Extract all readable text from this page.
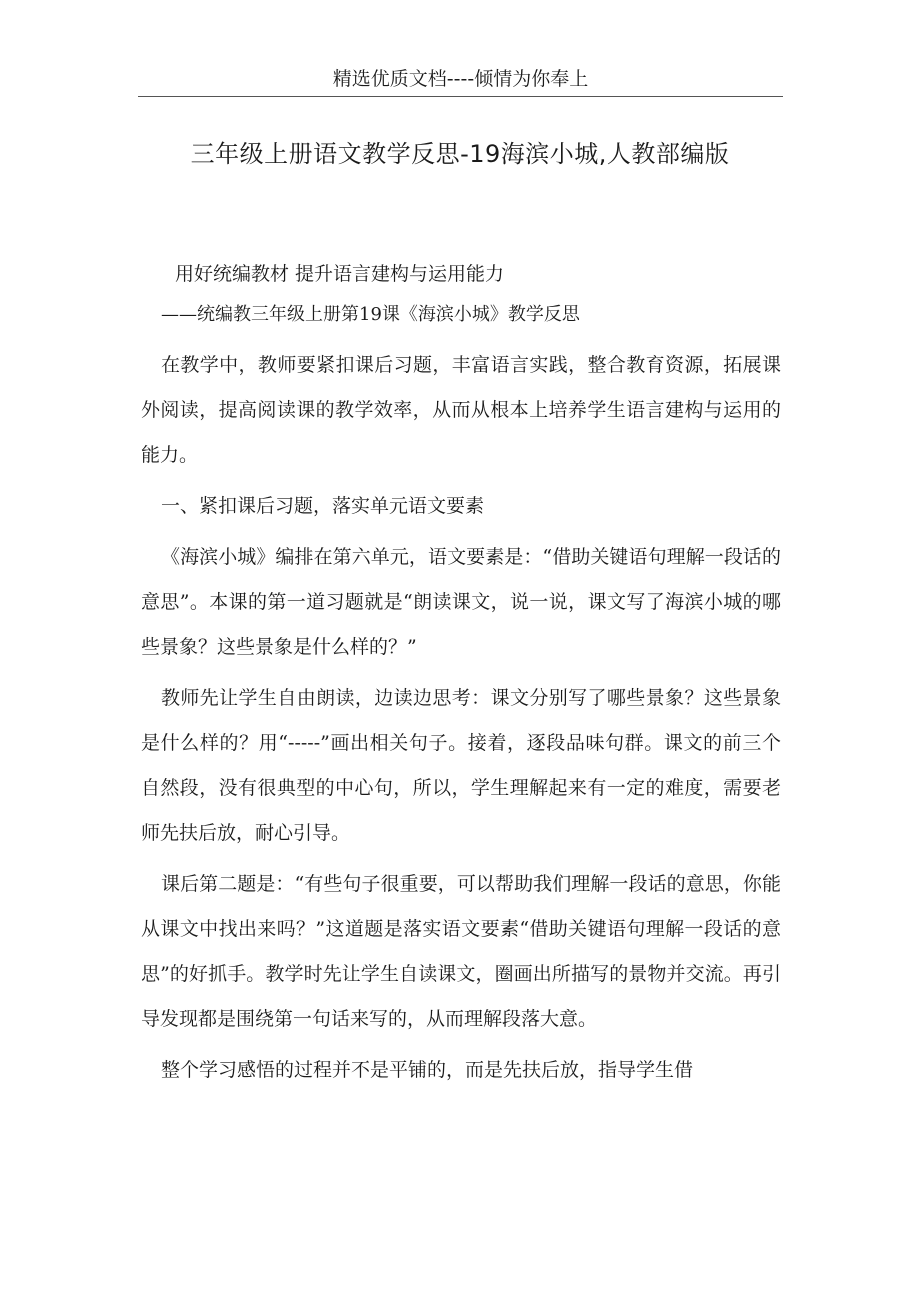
精选优质文档----倾情为你奉上
三年级上册语文教学反思-19海滨小城,人教部编版

用好统编教材 提升语言建构与运用能力

——统编教三年级上册第19课《海滨小城》教学反思

在教学中，教师要紧扣课后习题，丰富语言实践，整合教育资源，拓展课外阅读，提高阅读课的教学效率，从而从根本上培养学生语言建构与运用的能力。

一、紧扣课后习题，落实单元语文要素

《海滨小城》编排在第六单元，语文要素是：“借助关键语句理解一段话的意思”。本课的第一道习题就是“朗读课文，说一说，课文写了海滨小城的哪些景象？这些景象是什么样的？”

教师先让学生自由朗读，边读边思考：课文分别写了哪些景象？这些景象是什么样的？用“-----”画出相关句子。接着，逐段品味句群。课文的前三个自然段，没有很典型的中心句，所以，学生理解起来有一定的难度，需要老师先扶后放，耐心引导。

课后第二题是：“有些句子很重要，可以帮助我们理解一段话的意思，你能从课文中找出来吗？”这道题是落实语文要素“借助关键语句理解一段话的意思”的好抓手。教学时先让学生自读课文，圈画出所描写的景物并交流。再引导发现都是围绕第一句话来写的，从而理解段落大意。

整个学习感悟的过程并不是平铺的，而是先扶后放，指导学生借
